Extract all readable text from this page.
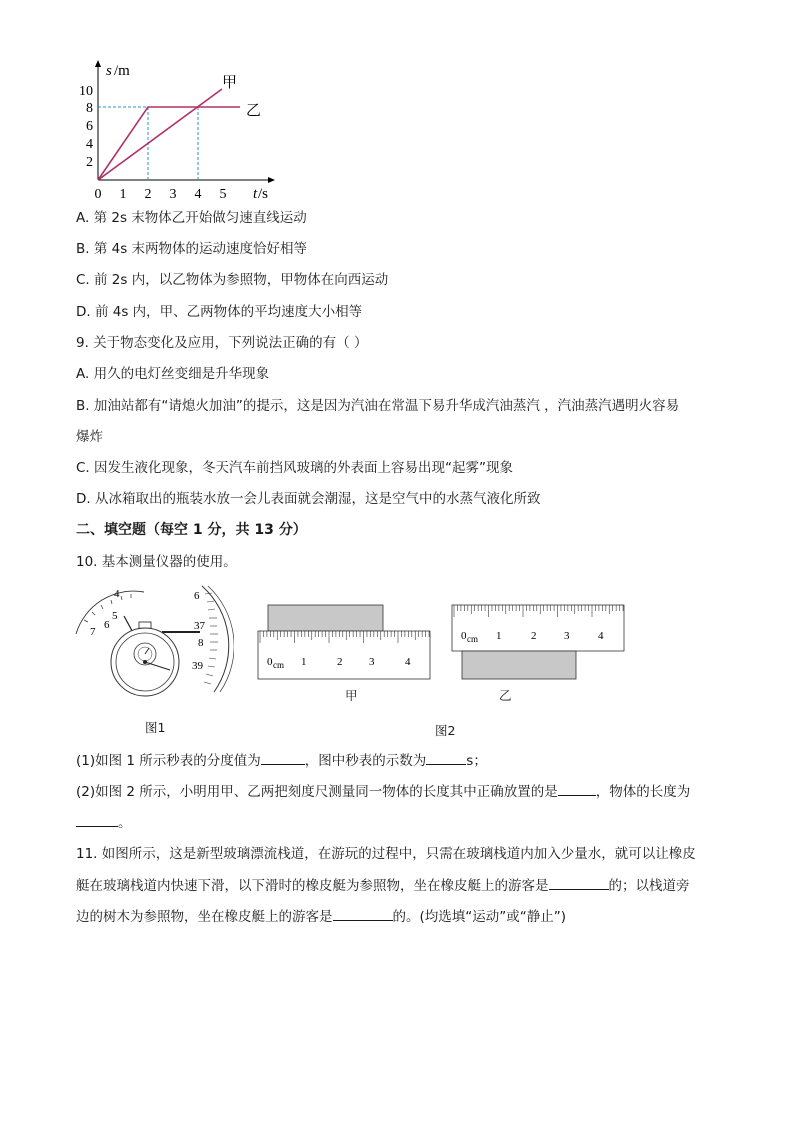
10
8
6
4
2
0 1 2 3 4 5
s /m
t /s
甲
乙
A. 第 2s 末物体乙开始做匀速直线运动
B. 第 4s 末两物体的运动速度恰好相等
C. 前 2s 内，以乙物体为参照物，甲物体在向西运动
D. 前 4s 内，甲、乙两物体的平均速度大小相等
9. 关于物态变化及应用，下列说法正确的有（ ）
A. 用久的电灯丝变细是升华现象
B. 加油站都有“请熄火加油”的提示，这是因为汽油在常温下易升华成汽油蒸汽 ，汽油蒸汽遇明火容易
爆炸
C. 因发生液化现象，冬天汽车前挡风玻璃的外表面上容易出现“起雾”现象
D. 从冰箱取出的瓶装水放一会儿表面就会潮湿，这是空气中的水蒸气液化所致
二、填空题（每空 1 分，共 13 分）
10. 基本测量仪器的使用。
4
5
6
7
6
37
8
39
图1
0 cm 1	2 3	4
0 cm 1	2	3	4
甲	乙
图2
(1)如图 1 所示秒表的分度值为	，图中秒表的示数为	s；
(2)如图 2 所示，小明用甲、乙两把刻度尺测量同一物体的长度其中正确放置的是	，物体的长度为
。
11. 如图所示，这是新型玻璃漂流栈道，在游玩的过程中，只需在玻璃栈道内加入少量水，就可以让橡皮
艇在玻璃栈道内快速下滑，以下滑时的橡皮艇为参照物，坐在橡皮艇上的游客是	的；以栈道旁
边的树木为参照物，坐在橡皮艇上的游客是	的。(均选填“运动”或“静止”)
